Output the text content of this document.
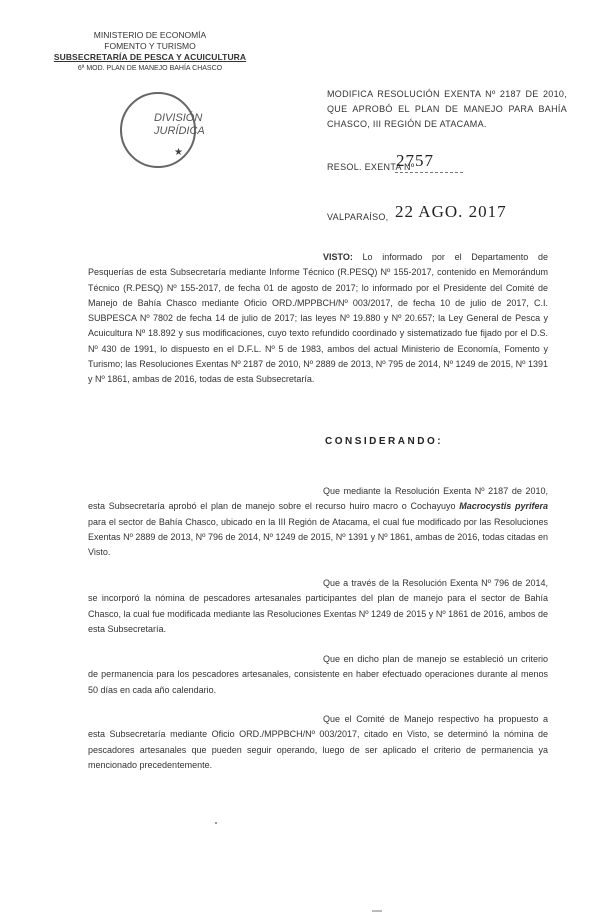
MINISTERIO DE ECONOMÍA
FOMENTO Y TURISMO
SUBSECRETARÍA DE PESCA Y ACUICULTURA
6ª MOD. PLAN DE MANEJO BAHÍA CHASCO
DIVISIÓN
JURÍDICA
★
MODIFICA RESOLUCIÓN EXENTA Nº 2187 DE 2010, QUE APROBÓ EL PLAN DE MANEJO PARA BAHÍA CHASCO, III REGIÓN DE ATACAMA.
RESOL. EXENTA Nº
2757
VALPARAÍSO, 22 AGO. 2017
VISTO: Lo informado por el Departamento de Pesquerías de esta Subsecretaría mediante Informe Técnico (R.PESQ) Nº 155-2017, contenido en Memorándum Técnico (R.PESQ) Nº 155-2017, de fecha 01 de agosto de 2017; lo informado por el Presidente del Comité de Manejo de Bahía Chasco mediante Oficio ORD./MPPBCH/Nº 003/2017, de fecha 10 de julio de 2017, C.I. SUBPESCA Nº 7802 de fecha 14 de julio de 2017; las leyes Nº 19.880 y Nº 20.657; la Ley General de Pesca y Acuicultura Nº 18.892 y sus modificaciones, cuyo texto refundido coordinado y sistematizado fue fijado por el D.S. Nº 430 de 1991, lo dispuesto en el D.F.L. Nº 5 de 1983, ambos del actual Ministerio de Economía, Fomento y Turismo; las Resoluciones Exentas Nº 2187 de 2010, Nº 2889 de 2013, Nº 795 de 2014, Nº 1249 de 2015, Nº 1391 y Nº 1861, ambas de 2016, todas de esta Subsecretaría.
CONSIDERANDO:
Que mediante la Resolución Exenta Nº 2187 de 2010, esta Subsecretaría aprobó el plan de manejo sobre el recurso huiro macro o Cochayuyo Macrocystis pyrifera para el sector de Bahía Chasco, ubicado en la III Región de Atacama, el cual fue modificado por las Resoluciones Exentas Nº 2889 de 2013, Nº 796 de 2014, Nº 1249 de 2015, Nº 1391 y Nº 1861, ambas de 2016, todas citadas en Visto.
Que a través de la Resolución Exenta Nº 796 de 2014, se incorporó la nómina de pescadores artesanales participantes del plan de manejo para el sector de Bahía Chasco, la cual fue modificada mediante las Resoluciones Exentas Nº 1249 de 2015 y Nº 1861 de 2016, ambos de esta Subsecretaría.
Que en dicho plan de manejo se estableció un criterio de permanencia para los pescadores artesanales, consistente en haber efectuado operaciones durante al menos 50 días en cada año calendario.
Que el Comité de Manejo respectivo ha propuesto a esta Subsecretaría mediante Oficio ORD./MPPBCH/Nº 003/2017, citado en Visto, se determinó la nómina de pescadores artesanales que pueden seguir operando, luego de ser aplicado el criterio de permanencia ya mencionado precedentemente.
